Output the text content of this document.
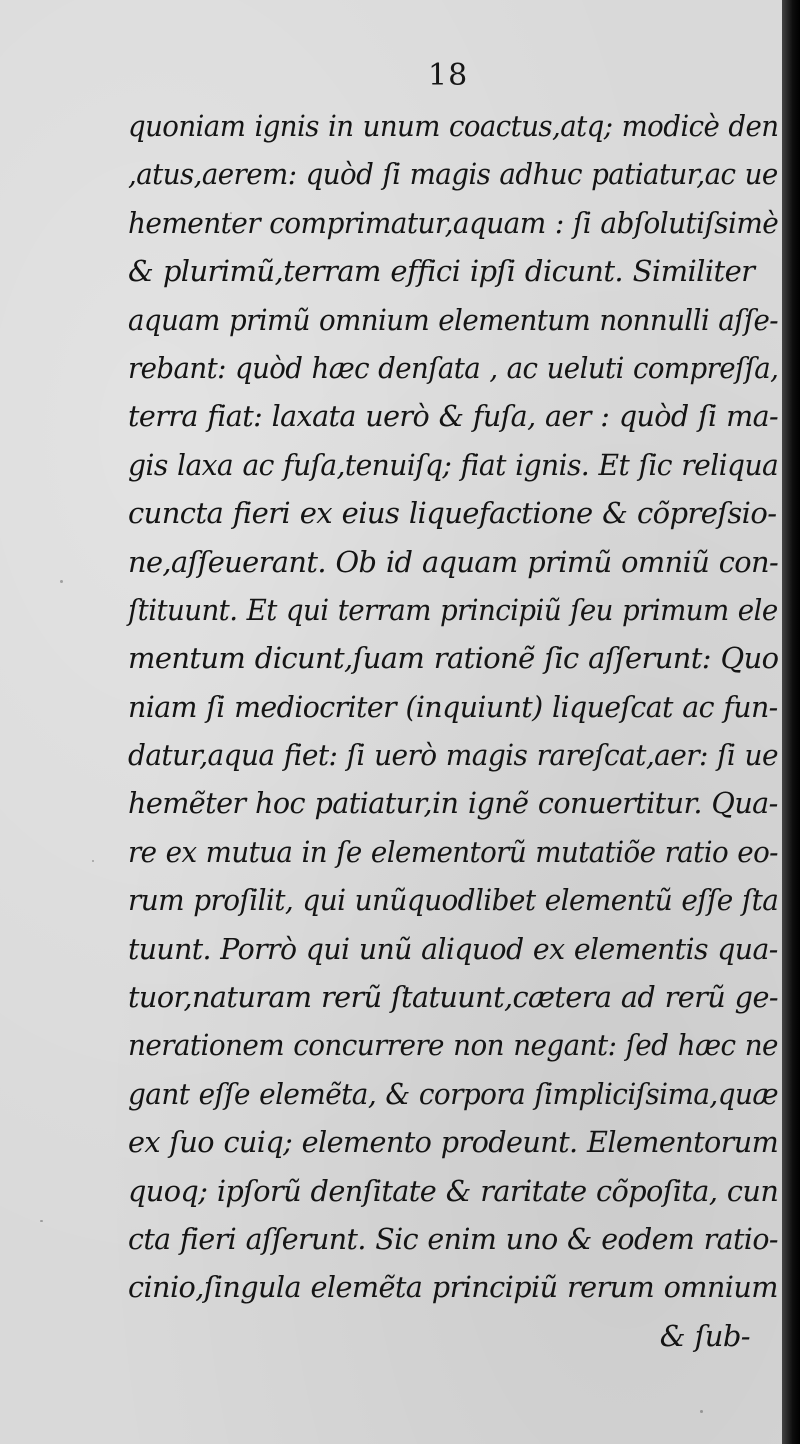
18
quoniam ignis in unum coactus,atq; modicè den
,atus,aerem: quòd ſi magis adhuc patiatur,ac ue
hementer comprimatur,aquam : ſi abſolutiſsimè
& plurimũ,terram effici ipſi dicunt. Similiter
aquam primũ omnium elementum nonnulli aſſe-
rebant: quòd hæc denſata , ac ueluti compreſſa,
terra fiat: laxata uerò & fuſa, aer : quòd ſi ma-
gis laxa ac fuſa,tenuiſq; fiat ignis. Et ſic reliqua
cuncta fieri ex eius liquefactione & cõpreſsio-
ne,aſſeuerant. Ob id aquam primũ omniũ con-
ſtituunt. Et qui terram principiũ ſeu primum ele
mentum dicunt,ſuam rationẽ ſic aſſerunt: Quo
niam ſi mediocriter (inquiunt) liqueſcat ac fun-
datur,aqua fiet: ſi uerò magis rareſcat,aer: ſi ue
hemẽter hoc patiatur,in ignẽ conuertitur. Qua-
re ex mutua in ſe elementorũ mutatiõe ratio eo-
rum proſilit, qui unũquodlibet elementũ eſſe ſta
tuunt. Porrò qui unũ aliquod ex elementis qua-
tuor,naturam rerũ ſtatuunt,cætera ad rerũ ge-
nerationem concurrere non negant: ſed hæc ne
gant eſſe elemẽta, & corpora ſimpliciſsima,quæ
ex ſuo cuiq; elemento prodeunt. Elementorum
quoq; ipſorũ denſitate & raritate cõpoſita, cun
cta fieri aſſerunt. Sic enim uno & eodem ratio-
cinio,ſingula elemẽta principiũ rerum omnium
& ſub-
